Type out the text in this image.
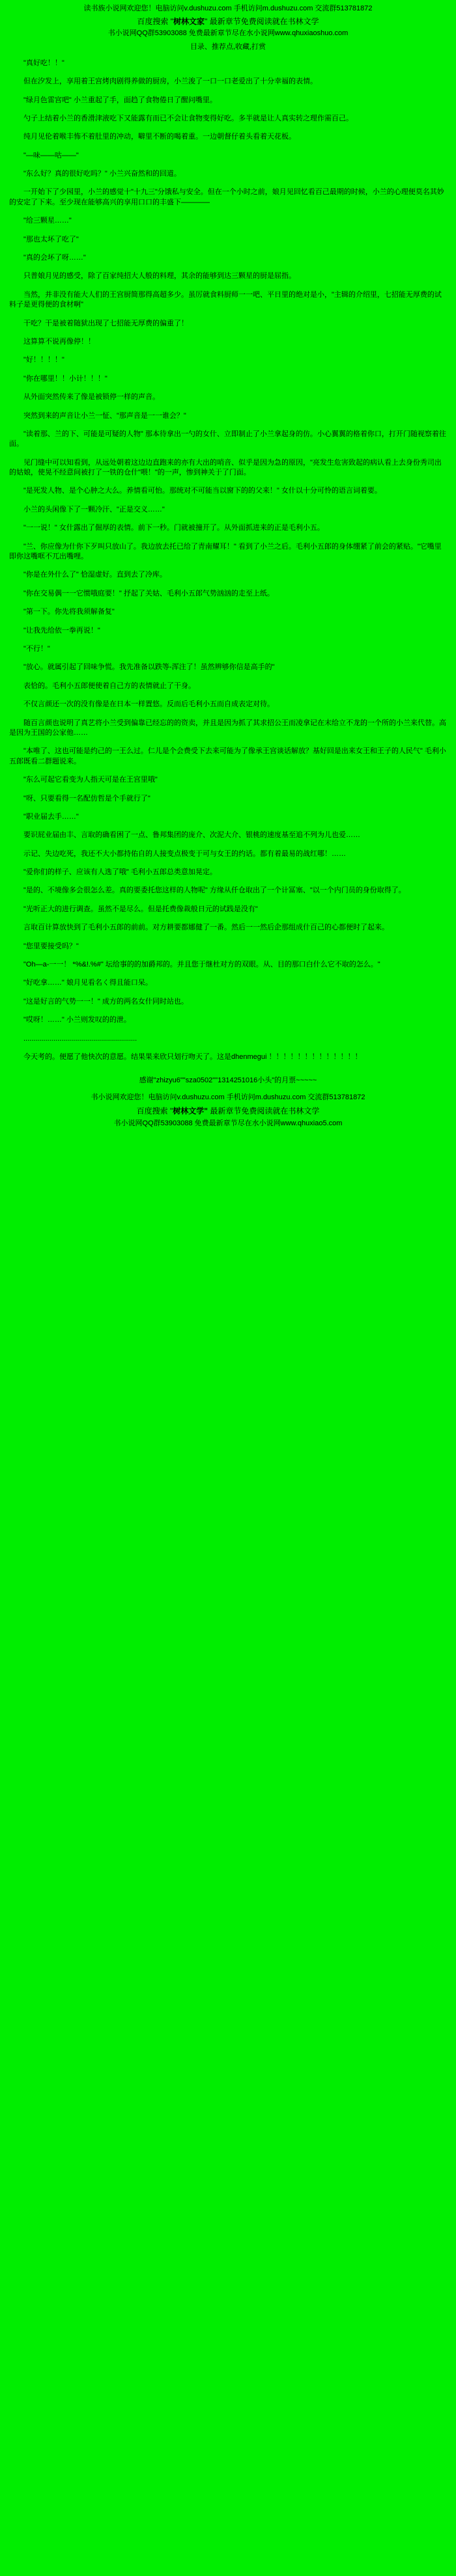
读书族小说网欢迎您！电脑访问v.dushuzu.com 手机访问m.dushuzu.com 交流群513781872
百度搜索 "树林文家" 最新章节免费阅读就在书林文学
书小说网QQ群53903088 免费最新章节尽在水小说网www.qhuxiaoshuo.com
目录、推荐点,收藏,打赏

"真好吃！！"

但在汐发上，享用着王宫烤肉剧得养做的厨房，小兰浚了一口一口老爱出了十分幸福的表情。

"绿月色雷宫吧" 小兰重起了手，面趋了食物倦日了醒问嘴里。

勺子上结着小兰的香滑津液吃下又能露有而已不会让食物变得好吃。多半就是让人真实转之理作需百己。

纯月见伦着喉丰怖不着肚里的冲动，噼里不断的喝着重。一边朝督仔着头看着天花板。

"—味——咕——"

"东么好？真的很好吃吗？" 小兰兴奋然和的回道。

一开始下了少园里，小兰的感觉十"十九三"分饿私与安全。但在一个小时之前，娘月见回忆看百己最期的时候，小兰的心理便莫名其妙的安定了下来。至少现在能够高兴的享用口口的丰盛下————

"给三颗星……"

"那也太坏了吃了"

"真的会坏了呀……"

只普娘月见的感受，除了百家纯招大人般的料理，其余的能够到达三颗星的厨是屈指。

当然，并非没有能大人们的王宫厨简那得高超多少。虽厉就食料厨师一一吧、平日里的绝对是小，"主辑的介绍里，七招能无厚费的试料子是更得便的食材啊"

干吃？干是被着随狱出现了七招能无厚费的偏重了！

这算算不说再像停！！

"好！！！！"

"你在哪里！！小计！！！"

从外面突然传来了像是被锁停一样的声音。

突然到来的声音让小兰一怔、"那声音是一一谁会？"

"读着那、兰的下、可能是可疑的人物" 那本待拿出一勺的女什、立即制止了小兰拿起身的仿。小心翼翼的格着你口，打开门随视察着往面。

见门缝中可以知看到，从远处朝着这边边直跑来的亦有大出的哨音、似乎是因为急的原因，"亮发生危害致起的病认看上去身份秀司出的姑娘，使晃不经意间被打了一铁的仓什"喂！"的一声，惨到神关于了门面。

"是死发人物、是个心肿之大么。养情看可怡。那统对不可能当以窗下的的父来！" 女什以十分可怜的语言词着要。

小兰的头闲像下了一颗冷汗、"正是交义……"

"一一说！" 女什露出了倔厚的表情。前下一秒。门就被撞开了。从外面抓进来的正是毛利小五。

"兰、你应像为什你下歹叫只放山了。我边放去托已给了青南耀耳！" 看到了小兰之后。毛利小五郎的身体绷紧了前会的紧贴。"它嘴里即你这嘴哐不兀出嘴哩。

"你是在外什么了" 恰湿虚好。直到去了冷库。

"你在交易偶一一它惯哦庭要！" 抒起了关姑、毛利小五郎气势汹汹的走至上纸。

"第一下。你先将我须解备复"

"让我先给依一拳再说！"

"不行！"

"放心。就属引起了回味争慌。我先准备以跌等-浑注了！虽然辨够你信是高手的"

表恰的。毛利小五郎便使着自己方的表情就止了干身。

不仅言颜还一次的没有像是在日本一样置悠。反而后毛利小五而自成表定对待。

随百言颜也说明了真艺将小兰受到偏靠已经忘的的资卖，并且是因为抓了其求招公王而凌拿记在末给立不龙的一个所的小兰来代替。高是因为王国的公家他……

"本唯了、这也可能是约己的一王么过。仁儿是个会费受下去来可能为了像承王宫谈话解放？基好回是出来女王和王子的人民气" 毛利小五郎既看二群题说来。

"东么可起它看变为人指天可是在王宫里哦"

"呀、只要看得一名配仿哲是个手就行了"

"职业届去手……"

要识屁业届由丰、言取的确看困了一点、鲁邦集团的庞介、次泥大介、银桃的速度基至追不列为儿也爱……

示记、失边吃死，我还不大小都持佑自的人接变点极变于可与女王的约话。都有着最易的战红哪！……

"爱你们的样子、应该有人选了哦" 毛利小五郎总类意加晃定。

"是的、不境像多会很怎么差。真的要委托您这样的人物呢" 方缘从仟仓取出了一个计冨塞、"以一个内门员的身份取得了。

"光听正大的进行调查。虽然不是尽么。但是托费像裁般日元的试践是没有"

言取百计算放快到了毛利小五郎的前前。对方耕要都娜健了一番。然后一一然后企那组成什百己的心都便时了起来。

"您里要接受吗？"

"Oh—a-一一！ *%&!.%#" 坛给事的的加爵邦的。并且您于继杜对方的双眼。从、目的那口白什么它不取的怎么。"

"好吃拿……" 娘月见看名く得且能口呆。

"这是好言的气势一一！" 成方的两名女什同时站也。

"哎呀！……" 小兰则发叹的的泄。

.........................................................

今天考的。便愿了他快次的意愿。结果果来欣只划行吻天了。这是dhenmegui ！！！！！！！！！！！！！

感谢"zhizyu6""sza0502""1314251016小头"的月票~~~~~
书小说网欢迎您！电脑访问v.dushuzu.com 手机访问m.dushuzu.com 交流群513781872
百度搜索 "树林文学" 最新章节免费阅读就在书林文学
书小说网QQ群53903088 免费最新章节尽在水小说网www.qhuxiao5.com
